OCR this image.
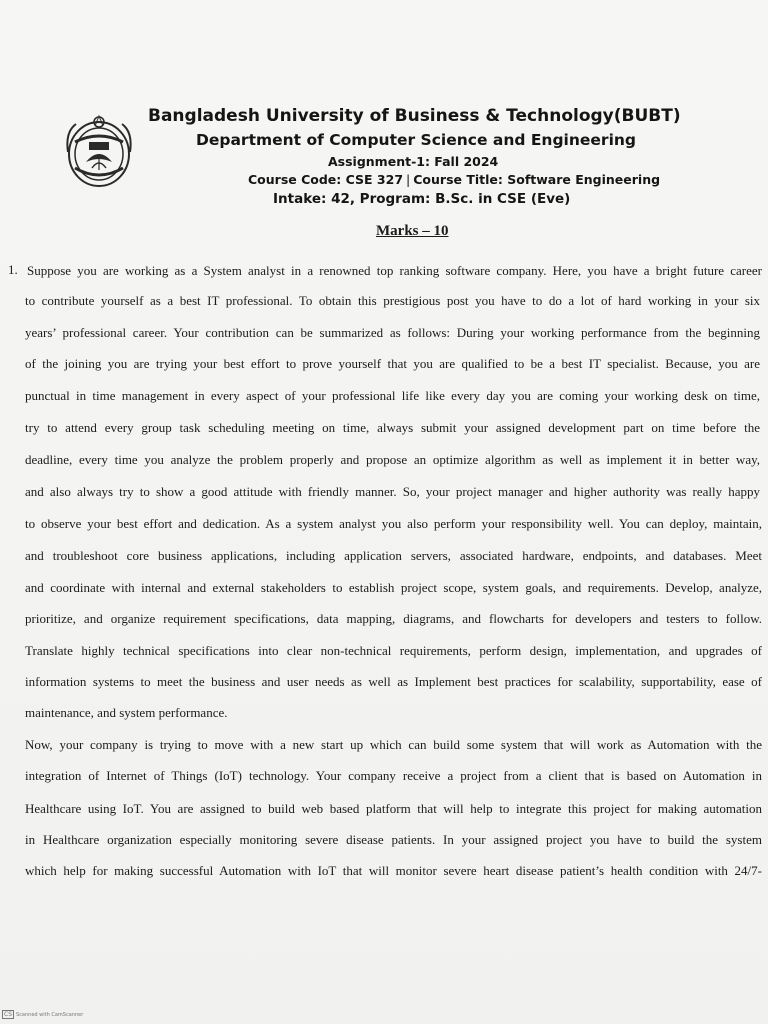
Bangladesh University of Business & Technology(BUBT)
Department of Computer Science and Engineering
Assignment-1: Fall 2024
Course Code: CSE 327 | Course Title: Software Engineering
Intake: 42, Program: B.Sc. in CSE (Eve)
Marks – 10
1. Suppose you are working as a System analyst in a renowned top ranking software company. Here, you have a bright future career
to contribute yourself as a best IT professional. To obtain this prestigious post you have to do a lot of hard working in your six
years’ professional career. Your contribution can be summarized as follows: During your working performance from the beginning
of the joining you are trying your best effort to prove yourself that you are qualified to be a best IT specialist. Because, you are
punctual in time management in every aspect of your professional life like every day you are coming your working desk on time,
try to attend every group task scheduling meeting on time, always submit your assigned development part on time before the
deadline, every time you analyze the problem properly and propose an optimize algorithm as well as implement it in better way,
and also always try to show a good attitude with friendly manner. So, your project manager and higher authority was really happy
to observe your best effort and dedication. As a system analyst you also perform your responsibility well. You can deploy, maintain,
and troubleshoot core business applications, including application servers, associated hardware, endpoints, and databases. Meet
and coordinate with internal and external stakeholders to establish project scope, system goals, and requirements. Develop, analyze,
prioritize, and organize requirement specifications, data mapping, diagrams, and flowcharts for developers and testers to follow.
Translate highly technical specifications into clear non-technical requirements, perform design, implementation, and upgrades of
information systems to meet the business and user needs as well as Implement best practices for scalability, supportability, ease of
maintenance, and system performance.
Now, your company is trying to move with a new start up which can build some system that will work as Automation with the
integration of Internet of Things (IoT) technology. Your company receive a project from a client that is based on Automation in
Healthcare using IoT. You are assigned to build web based platform that will help to integrate this project for making automation
in Healthcare organization especially monitoring severe disease patients. In your assigned project you have to build the system
which help for making successful Automation with IoT that will monitor severe heart disease patient’s health condition with 24/7-
CS Scanned with CamScanner
